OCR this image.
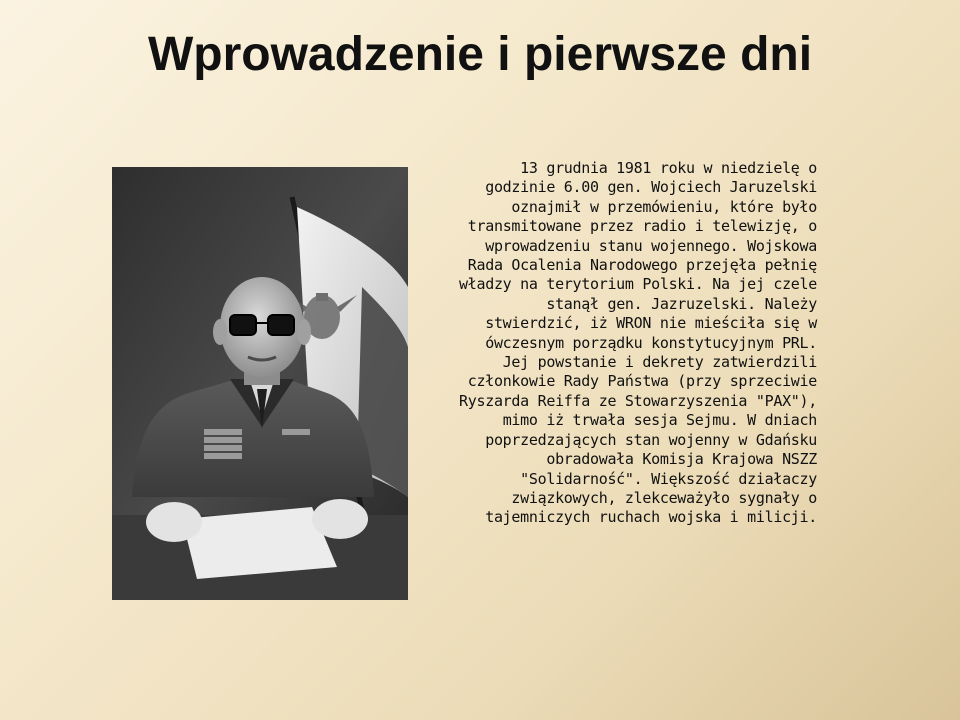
Wprowadzenie i pierwsze dni

13 grudnia 1981 roku w niedzielę o godzinie 6.00 gen. Wojciech Jaruzelski oznajmił w przemówieniu, które było transmitowane przez radio i telewizję, o wprowadzeniu stanu wojennego. Wojskowa Rada Ocalenia Narodowego przejęła pełnię władzy na terytorium Polski. Na jej czele stanął gen. Jazruzelski. Należy stwierdzić, iż WRON nie mieściła się w ówczesnym porządku konstytucyjnym PRL. Jej powstanie i dekrety zatwierdzili członkowie Rady Państwa (przy sprzeciwie Ryszarda Reiffa ze Stowarzyszenia "PAX"), mimo iż trwała sesja Sejmu. W dniach poprzedzających stan wojenny w Gdańsku obradowała Komisja Krajowa NSZZ "Solidarność". Większość działaczy związkowych, zlekceważyło sygnały o tajemniczych ruchach wojska i milicji.
